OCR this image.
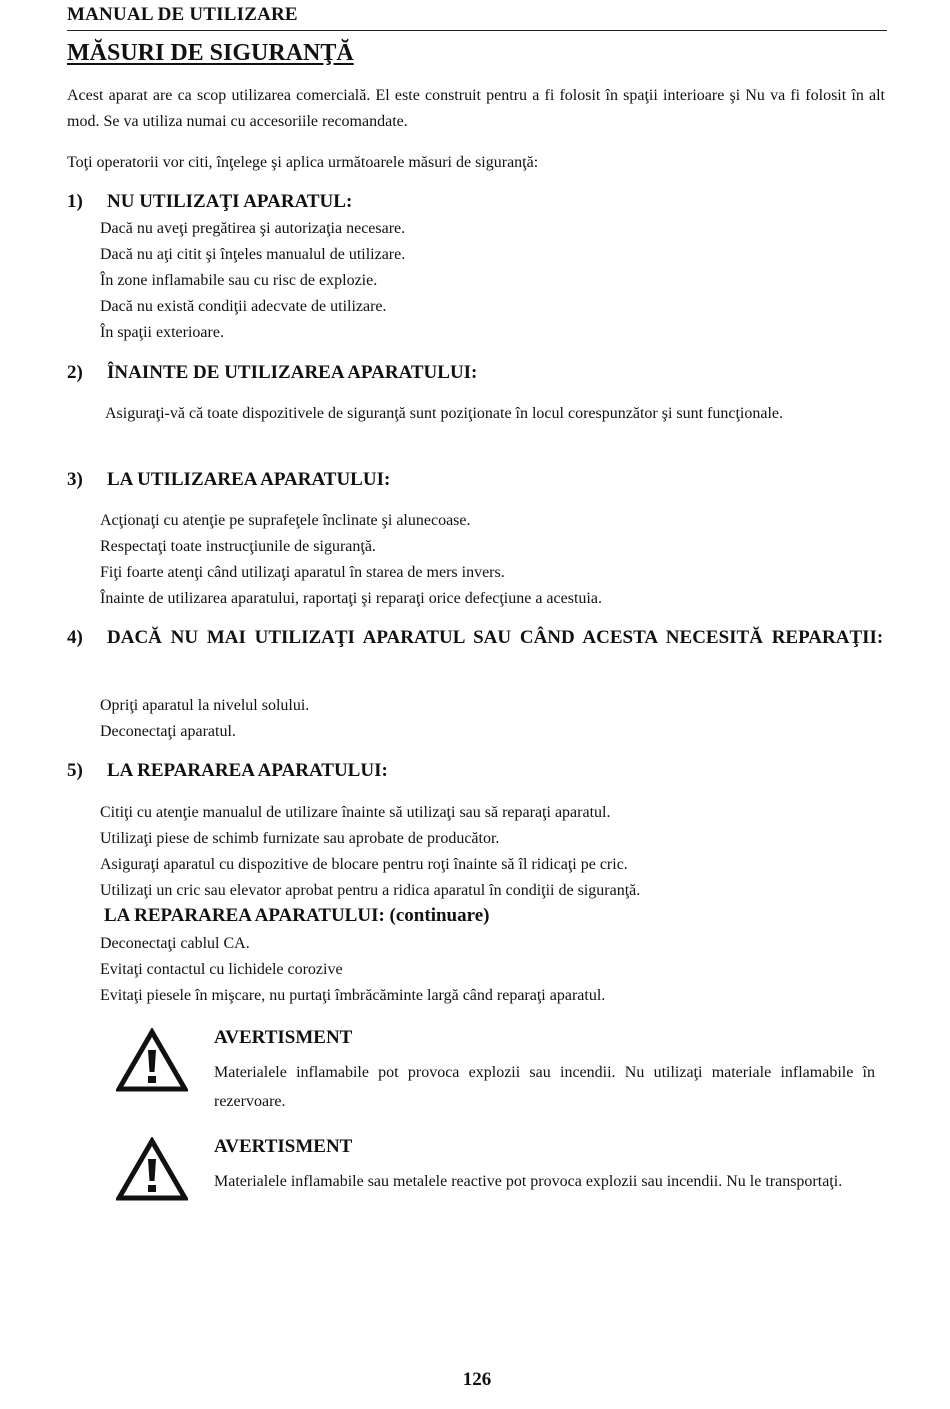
MANUAL DE UTILIZARE
MĂSURI DE SIGURANŢĂ

Acest aparat are ca scop utilizarea comercială. El este construit pentru a fi folosit în spaţii interioare şi Nu va fi folosit în alt mod. Se va utiliza numai cu accesoriile recomandate.

Toţi operatorii vor citi, înţelege şi aplica următoarele măsuri de siguranţă:

1) NU UTILIZAŢI APARATUL:
Dacă nu aveţi pregătirea şi autorizaţia necesare.
Dacă nu aţi citit şi înţeles manualul de utilizare.
În zone inflamabile sau cu risc de explozie.
Dacă nu există condiţii adecvate de utilizare.
În spaţii exterioare.
2) ÎNAINTE DE UTILIZAREA APARATULUI:

Asiguraţi-vă că toate dispozitivele de siguranţă sunt poziţionate în locul corespunzător şi sunt funcţionale.

3) LA UTILIZAREA APARATULUI:
Acţionaţi cu atenţie pe suprafeţele înclinate şi alunecoase.
Respectaţi toate instrucţiunile de siguranţă.
Fiţi foarte atenţi când utilizaţi aparatul în starea de mers invers.
Înainte de utilizarea aparatului, raportaţi şi reparaţi orice defecţiune a acestuia.
4) DACĂ NU MAI UTILIZAŢI APARATUL SAU CÂND ACESTA NECESITĂ REPARAŢII:
Opriţi aparatul la nivelul solului.
Deconectaţi aparatul.
5) LA REPARAREA APARATULUI:
Citiţi cu atenţie manualul de utilizare înainte să utilizaţi sau să reparaţi aparatul.
Utilizaţi piese de schimb furnizate sau aprobate de producător.
Asiguraţi aparatul cu dispozitive de blocare pentru roţi înainte să îl ridicaţi pe cric.
Utilizaţi un cric sau elevator aprobat pentru a ridica aparatul în condiţii de siguranţă.
LA REPARAREA APARATULUI: (continuare)
Deconectaţi cablul CA.
Evitaţi contactul cu lichidele corozive
Evitaţi piesele în mişcare, nu purtaţi îmbrăcăminte largă când reparaţi aparatul.
AVERTISMENT

Materialele inflamabile pot provoca explozii sau incendii. Nu utilizaţi materiale inflamabile în rezervoare.

AVERTISMENT

Materialele inflamabile sau metalele reactive pot provoca explozii sau incendii. Nu le transportaţi.

126
